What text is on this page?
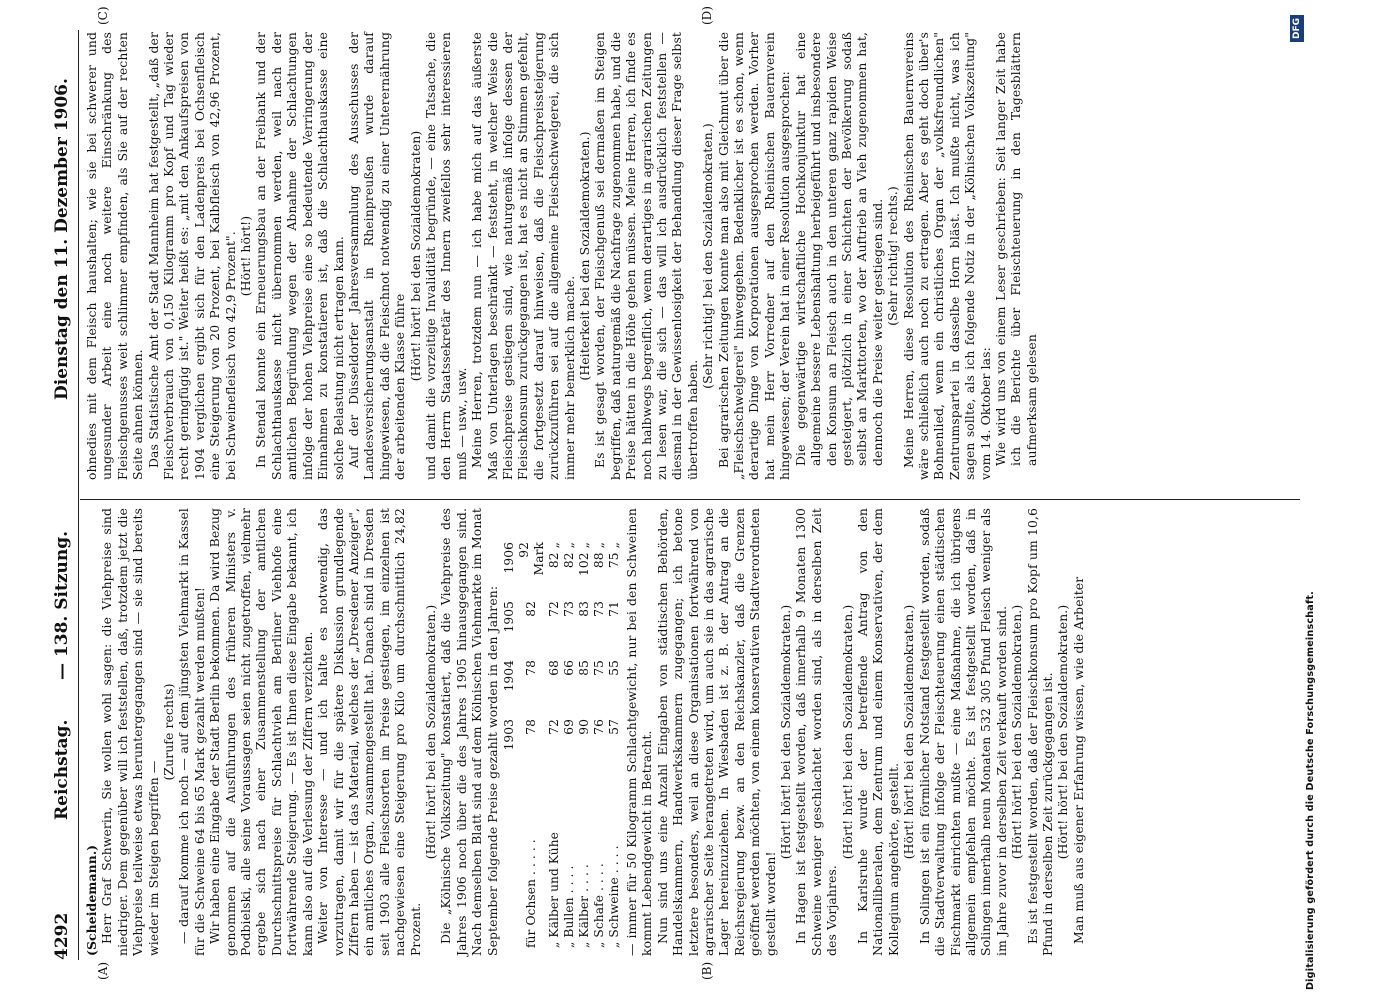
4292
Reichstag.
— 138. Sitzung.
Dienstag den 11. Dezember 1906.
(A)	(B)
(C)	(D)

(Scheidemann.) Herr Graf Schwerin, Sie wollen wohl sagen: die Viehpreise sind niedriger. Dem gegenüber will ich feststellen, daß, trotzdem jetzt die Viehpreise teilweise etwas heruntergegangen sind — sie sind bereits wieder im Steigen begriffen —

(Zurufe rechts) — darauf komme ich noch — auf dem jüngsten Viehmarkt in Kassel für die Schweine 64 bis 65 Mark gezahlt werden mußten! Wir haben eine Eingabe der Stadt Berlin bekommen. Da wird Bezug genommen auf die Ausführungen des früheren Ministers v. Podbielski, alle seine Voraussagen seien nicht zugetroffen, vielmehr ergebe sich nach einer Zusammenstellung der amtlichen Durchschnittspreise für Schlachtvieh am Berliner Viehhofe eine fortwährende Steigerung. — Es ist Ihnen diese Eingabe bekannt, ich kann also auf die Verlesung der Ziffern verzichten. Weiter von Interesse — und ich halte es notwendig, das vorzutragen, damit wir für die spätere Diskussion grundlegende Ziffern haben — ist das Material, welches der „Dresdener Anzeiger", ein amtliches Organ, zusammengestellt hat. Danach sind in Dresden seit 1903 alle Fleischsorten im Preise gestiegen, im einzelnen ist nachgewiesen eine Steigerung pro Kilo um durchschnittlich 24,82 Prozent.

(Hört! hört! bei den Sozialdemokraten.) Die „Kölnische Volkszeitung" konstatiert, daß die Viehpreise des Jahres 1906 noch über die des Jahres 1905 hinausgegangen sind. Nach demselben Blatt sind auf dem Kölnischen Viehmarkte im Monat September folgende Preise gezahlt worden in den Jahren:

	1903	1904	1905	1906
für Ochsen . . . . .	78	78	82	92 Mark
„ Kälber und Kühe	72	68	72	82 „
„ Bullen . . . .	69	66	73	82 „
„ Kälber . . . .	90	85	83	102 „
„ Schafe . . . .	76	75	73	88 „
„ Schweine . . . .	57	55	71	75 „ — immer für 50 Kilogramm Schlachtgewicht, nur bei den Schweinen kommt Lebendgewicht in Betracht. Nun sind uns eine Anzahl Eingaben von städtischen Behörden, Handelskammern, Handwerkskammern zugegangen; ich betone letztere besonders, weil an diese Organisationen fortwährend von agrarischer Seite herangetreten wird, um auch sie in das agrarische Lager hereinzuziehen. In Wiesbaden ist z. B. der Antrag an die Reichsregierung bezw. an den Reichskanzler, daß die Grenzen geöffnet werden möchten, von einem konservativen Stadtverordneten gestellt worden!

(Hört! hört! bei den Sozialdemokraten.) In Hagen ist festgestellt worden, daß innerhalb 9 Monaten 1300 Schweine weniger geschlachtet worden sind, als in derselben Zeit des Vorjahres.

(Hört! hört! bei den Sozialdemokraten.) In Karlsruhe wurde der betreffende Antrag von den Nationalliberalen, dem Zentrum und einem Konservativen, der dem Kollegium angehörte, gestellt.

(Hört! hört! bei den Sozialdemokraten.) In Solingen ist ein förmlicher Notstand festgestellt worden, sodaß die Stadtverwaltung infolge der Fleischteuerung einen städtischen Fischmarkt einrichten mußte — eine Maßnahme, die ich übrigens allgemein empfehlen möchte. Es ist festgestellt worden, daß in Solingen innerhalb neun Monaten 532 305 Pfund Fleisch weniger als im Jahre zuvor in derselben Zeit verkauft worden sind. (Hört! hört! bei den Sozialdemokraten.) Es ist festgestellt worden, daß der Fleischkonsum pro Kopf um 10,6 Pfund in derselben Zeit zurückgegangen ist. (Hört! hört! bei den Sozialdemokraten.) Man muß aus eigener Erfahrung wissen, wie die Arbeiter

ohnedies mit dem Fleisch haushalten; wie sie bei schwerer und ungesunder Arbeit eine noch weitere Einschränkung des Fleischgenusses weit schlimmer empfinden, als Sie auf der rechten Seite ahnen können. Das Statistische Amt der Stadt Mannheim hat festgestellt, „daß der Fleischverbrauch von 0,150 Kilogramm pro Kopf und Tag wieder recht geringfügig ist." Weiter heißt es: „mit den Ankaufspreisen von 1904 verglichen ergibt sich für den Ladenpreis bei Ochsenfleisch eine Steigerung von 20 Prozent, bei Kalbfleisch von 42,96 Prozent, bei Schweinefleisch von 42,9 Prozent". (Hört! hört!) In Stendal konnte ein Erneuerungsbau an der Freibank und der Schlachthauskasse nicht übernommen werden, weil nach der amtlichen Begründung wegen der Abnahme der Schlachtungen infolge der hohen Viehpreise eine so bedeutende Verringerung der Einnahmen zu konstatieren ist, daß die Schlachthauskasse eine solche Belastung nicht ertragen kann. Auf der Düsseldorfer Jahresversammlung des Ausschusses der Landesversicherungsanstalt in Rheinpreußen wurde darauf hingewiesen, daß die Fleischnot notwendig zu einer Unterernährung der arbeitenden Klasse führe

(Hört! hört! bei den Sozialdemokraten) und damit die vorzeitige Invalidität begründe, — eine Tatsache, die den Herrn Staatssekretär des Innern zweifellos sehr interessieren muß — usw., usw. Meine Herren, trotzdem nun — ich habe mich auf das äußerste Maß von Unterlagen beschränkt — feststeht, in welcher Weise die Fleischpreise gestiegen sind, wie naturgemäß infolge dessen der Fleischkonsum zurückgegangen ist, hat es nicht an Stimmen gefehlt, die fortgesetzt darauf hinweisen, daß die Fleischpreissteigerung zurückzuführen sei auf die allgemeine Fleischschwelgerei, die sich immer mehr bemerklich mache. (Heiterkeit bei den Sozialdemokraten.) Es ist gesagt worden, der Fleischgenuß sei dermaßen im Steigen begriffen, daß naturgemäß die Nachfrage zugenommen habe, und die Preise hätten in die Höhe gehen müssen. Meine Herren, ich finde es noch halbwegs begreiflich, wenn derartiges in agrarischen Zeitungen zu lesen war, die sich — das will ich ausdrücklich feststellen — diesmal in der Gewissenlosigkeit der Behandlung dieser Frage selbst übertroffen haben.

(Sehr richtig! bei den Sozialdemokraten.) Bei agrarischen Zeitungen konnte man also mit Gleichmut über die „Fleischschwelgerei" hinweggehen. Bedenklicher ist es schon, wenn derartige Dinge von Korporationen ausgesprochen werden. Vorher hat mein Herr Vorredner auf den Rheinischen Bauernverein hingewiesen; der Verein hat in einer Resolution ausgesprochen: Die gegenwärtige wirtschaftliche Hochkonjunktur hat eine allgemeine bessere Lebenshaltung herbeigeführt und insbesondere den Konsum an Fleisch auch in den unteren ganz rapiden Weise gesteigert, plötzlich in einer Schichten der Bevölkerung sodaß selbst an Markttorten, wo der Auftrieb an Vieh zugenommen hat, dennoch die Preise weiter gestiegen sind. (Sehr richtig! rechts.) Meine Herren, diese Resolution des Rheinischen Bauernvereins wäre schließlich auch noch zu ertragen. Aber es geht doch über's Bohnenlied, wenn ein christliches Organ der „volksfreundlichen" Zentrumspartei in dasselbe Horn bläst. Ich mußte nicht, was ich sagen sollte, als ich folgende Notiz in der „Kölnischen Volkszeitung" vom 14. Oktober las: Wie wird uns von einem Leser geschrieben: Seit langer Zeit habe ich die Berichte über Fleischteuerung in den Tagesblättern aufmerksam gelesen

Digitalisierung gefördert durch die Deutsche Forschungsgemeinschaft.
DFG
